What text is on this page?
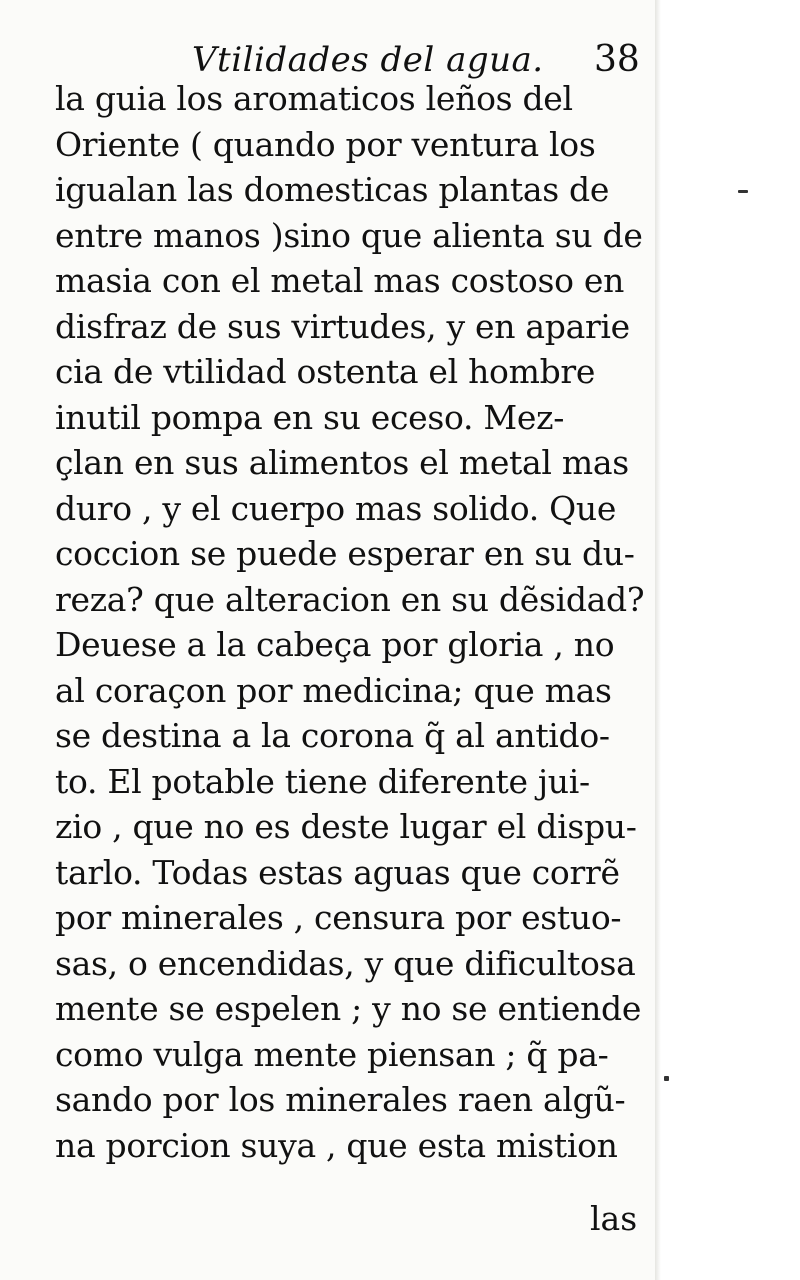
Vtilidades del agua. 38
la guia los aromaticos leños del
Oriente ( quando por ventura los
igualan las domesticas plantas de
entre manos )sino que alienta su de
masia con el metal mas costoso en
disfraz de sus virtudes, y en aparie
cia de vtilidad ostenta el hombre
inutil pompa en su eceso. Mez-
çlan en sus alimentos el metal mas
duro , y el cuerpo mas solido. Que
coccion se puede esperar en su du-
reza? que alteracion en su dẽsidad?
Deuese a la cabeça por gloria , no
al coraçon por medicina; que mas
se destina a la corona q̃ al antido-
to. El potable tiene diferente jui-
zio , que no es deste lugar el dispu-
tarlo. Todas estas aguas que corrẽ
por minerales , censura por estuo-
sas, o encendidas, y que dificultosa
mente se espelen ; y no se entiende
como vulga mente piensan ; q̃ pa-
sando por los minerales raen algũ-
na porcion suya , que esta mistion
las
